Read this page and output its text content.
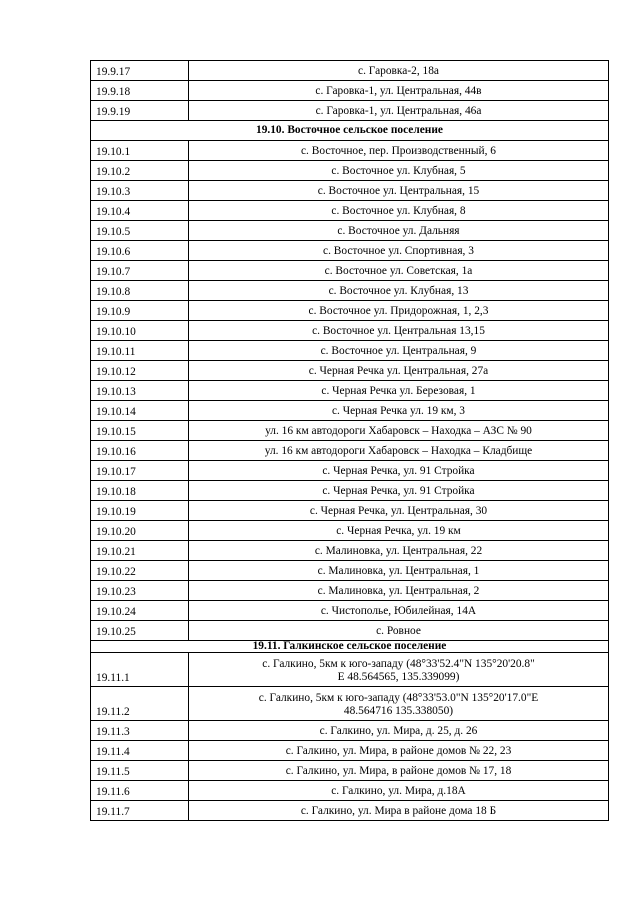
19.9.17	с. Гаровка-2, 18а

19.9.18	с. Гаровка-1, ул. Центральная, 44в

19.9.19	с. Гаровка-1, ул. Центральная, 46а

19.10. Восточное сельское поселение	
19.10.1	с. Восточное, пер. Производственный, 6

19.10.2	с. Восточное ул. Клубная, 5

19.10.3	с. Восточное ул. Центральная, 15

19.10.4	с. Восточное ул. Клубная, 8

19.10.5	с. Восточное ул. Дальняя

19.10.6	с. Восточное ул. Спортивная, 3

19.10.7	с. Восточное ул. Советская, 1а

19.10.8	с. Восточное ул. Клубная, 13

19.10.9	с. Восточное ул. Придорожная, 1, 2,3

19.10.10	с. Восточное ул. Центральная 13,15

19.10.11	с. Восточное ул. Центральная, 9

19.10.12	с. Черная Речка ул. Центральная, 27а

19.10.13	с. Черная Речка ул. Березовая, 1

19.10.14	с. Черная Речка ул. 19 км, 3

19.10.15	ул. 16 км автодороги Хабаровск – Находка – АЗС № 90

19.10.16	ул. 16 км автодороги Хабаровск – Находка – Кладбище

19.10.17	с. Черная Речка, ул. 91 Стройка

19.10.18	с. Черная Речка, ул. 91 Стройка

19.10.19	с. Черная Речка, ул. Центральная, 30

19.10.20	с. Черная Речка, ул. 19 км

19.10.21	с. Малиновка, ул. Центральная, 22

19.10.22	с. Малиновка, ул. Центральная, 1

19.10.23	с. Малиновка, ул. Центральная, 2

19.10.24	с. Чистополье, Юбилейная, 14А

19.10.25	с. Ровное

19.11. Галкинское сельское поселение	
19.11.1	с. Галкино, 5км к юго-западу (48°33'52.4"N 135°20'20.8"
E 48.564565, 135.339099)

19.11.2	с. Галкино, 5км к юго-западу (48°33'53.0"N 135°20'17.0"E
48.564716 135.338050)

19.11.3	с. Галкино, ул. Мира, д. 25, д. 26

19.11.4	с. Галкино, ул. Мира, в районе домов № 22, 23

19.11.5	с. Галкино, ул. Мира, в районе домов № 17, 18

19.11.6	с. Галкино, ул. Мира, д.18А

19.11.7	с. Галкино, ул. Мира в районе дома 18 Б
